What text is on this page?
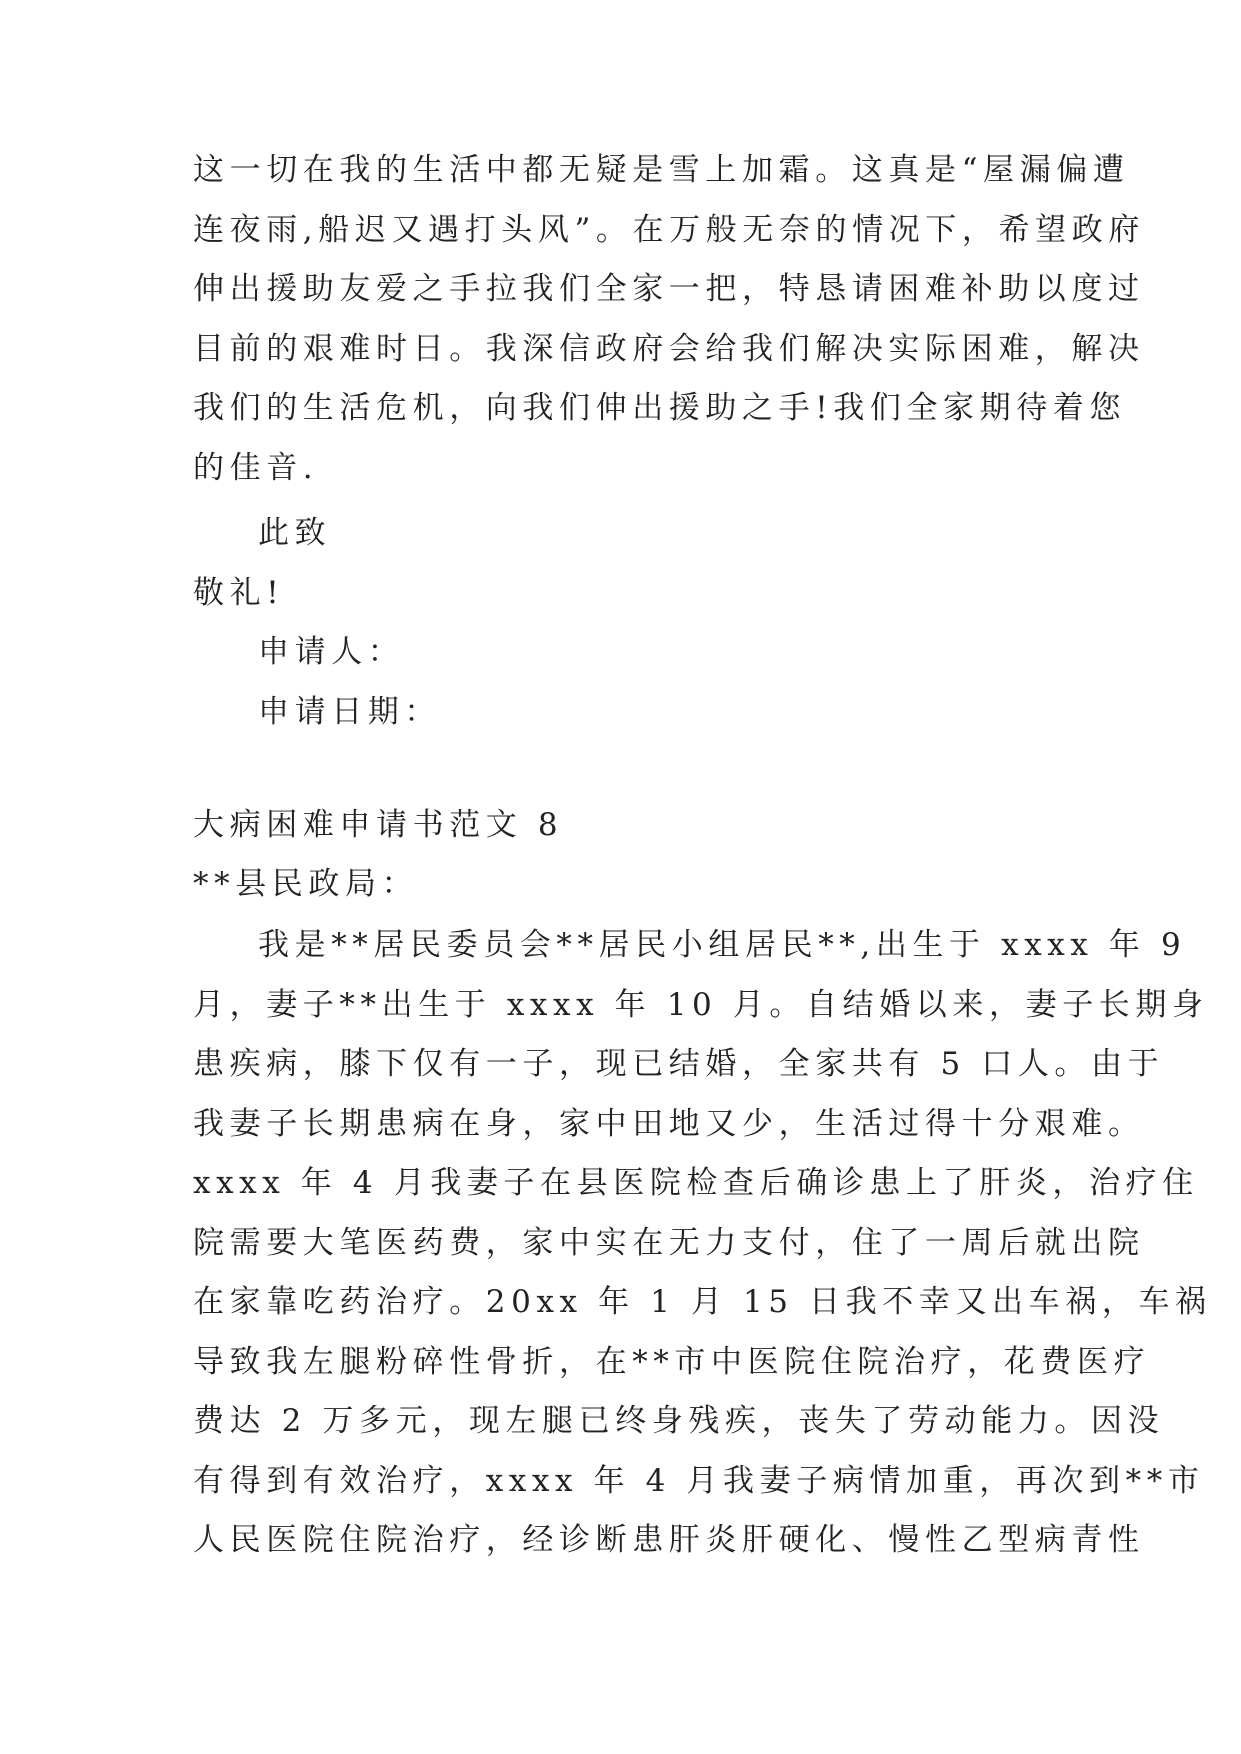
这一切在我的生活中都无疑是雪上加霜。这真是“屋漏偏遭
连夜雨,船迟又遇打头风”。在万般无奈的情况下，希望政府
伸出援助友爱之手拉我们全家一把，特恳请困难补助以度过
目前的艰难时日。我深信政府会给我们解决实际困难，解决
我们的生活危机，向我们伸出援助之手!我们全家期待着您
的佳音.
此致
敬礼!
申请人：
申请日期：
大病困难申请书范文 8
**县民政局：
我是**居民委员会**居民小组居民**,出生于 xxxx 年 9
月，妻子**出生于 xxxx 年 10 月。自结婚以来，妻子长期身
患疾病，膝下仅有一子，现已结婚，全家共有 5 口人。由于
我妻子长期患病在身，家中田地又少，生活过得十分艰难。
xxxx 年 4 月我妻子在县医院检查后确诊患上了肝炎，治疗住
院需要大笔医药费，家中实在无力支付，住了一周后就出院
在家靠吃药治疗。20xx 年 1 月 15 日我不幸又出车祸，车祸
导致我左腿粉碎性骨折，在**市中医院住院治疗，花费医疗
费达 2 万多元，现左腿已终身残疾，丧失了劳动能力。因没
有得到有效治疗，xxxx 年 4 月我妻子病情加重，再次到**市
人民医院住院治疗，经诊断患肝炎肝硬化、慢性乙型病青性
